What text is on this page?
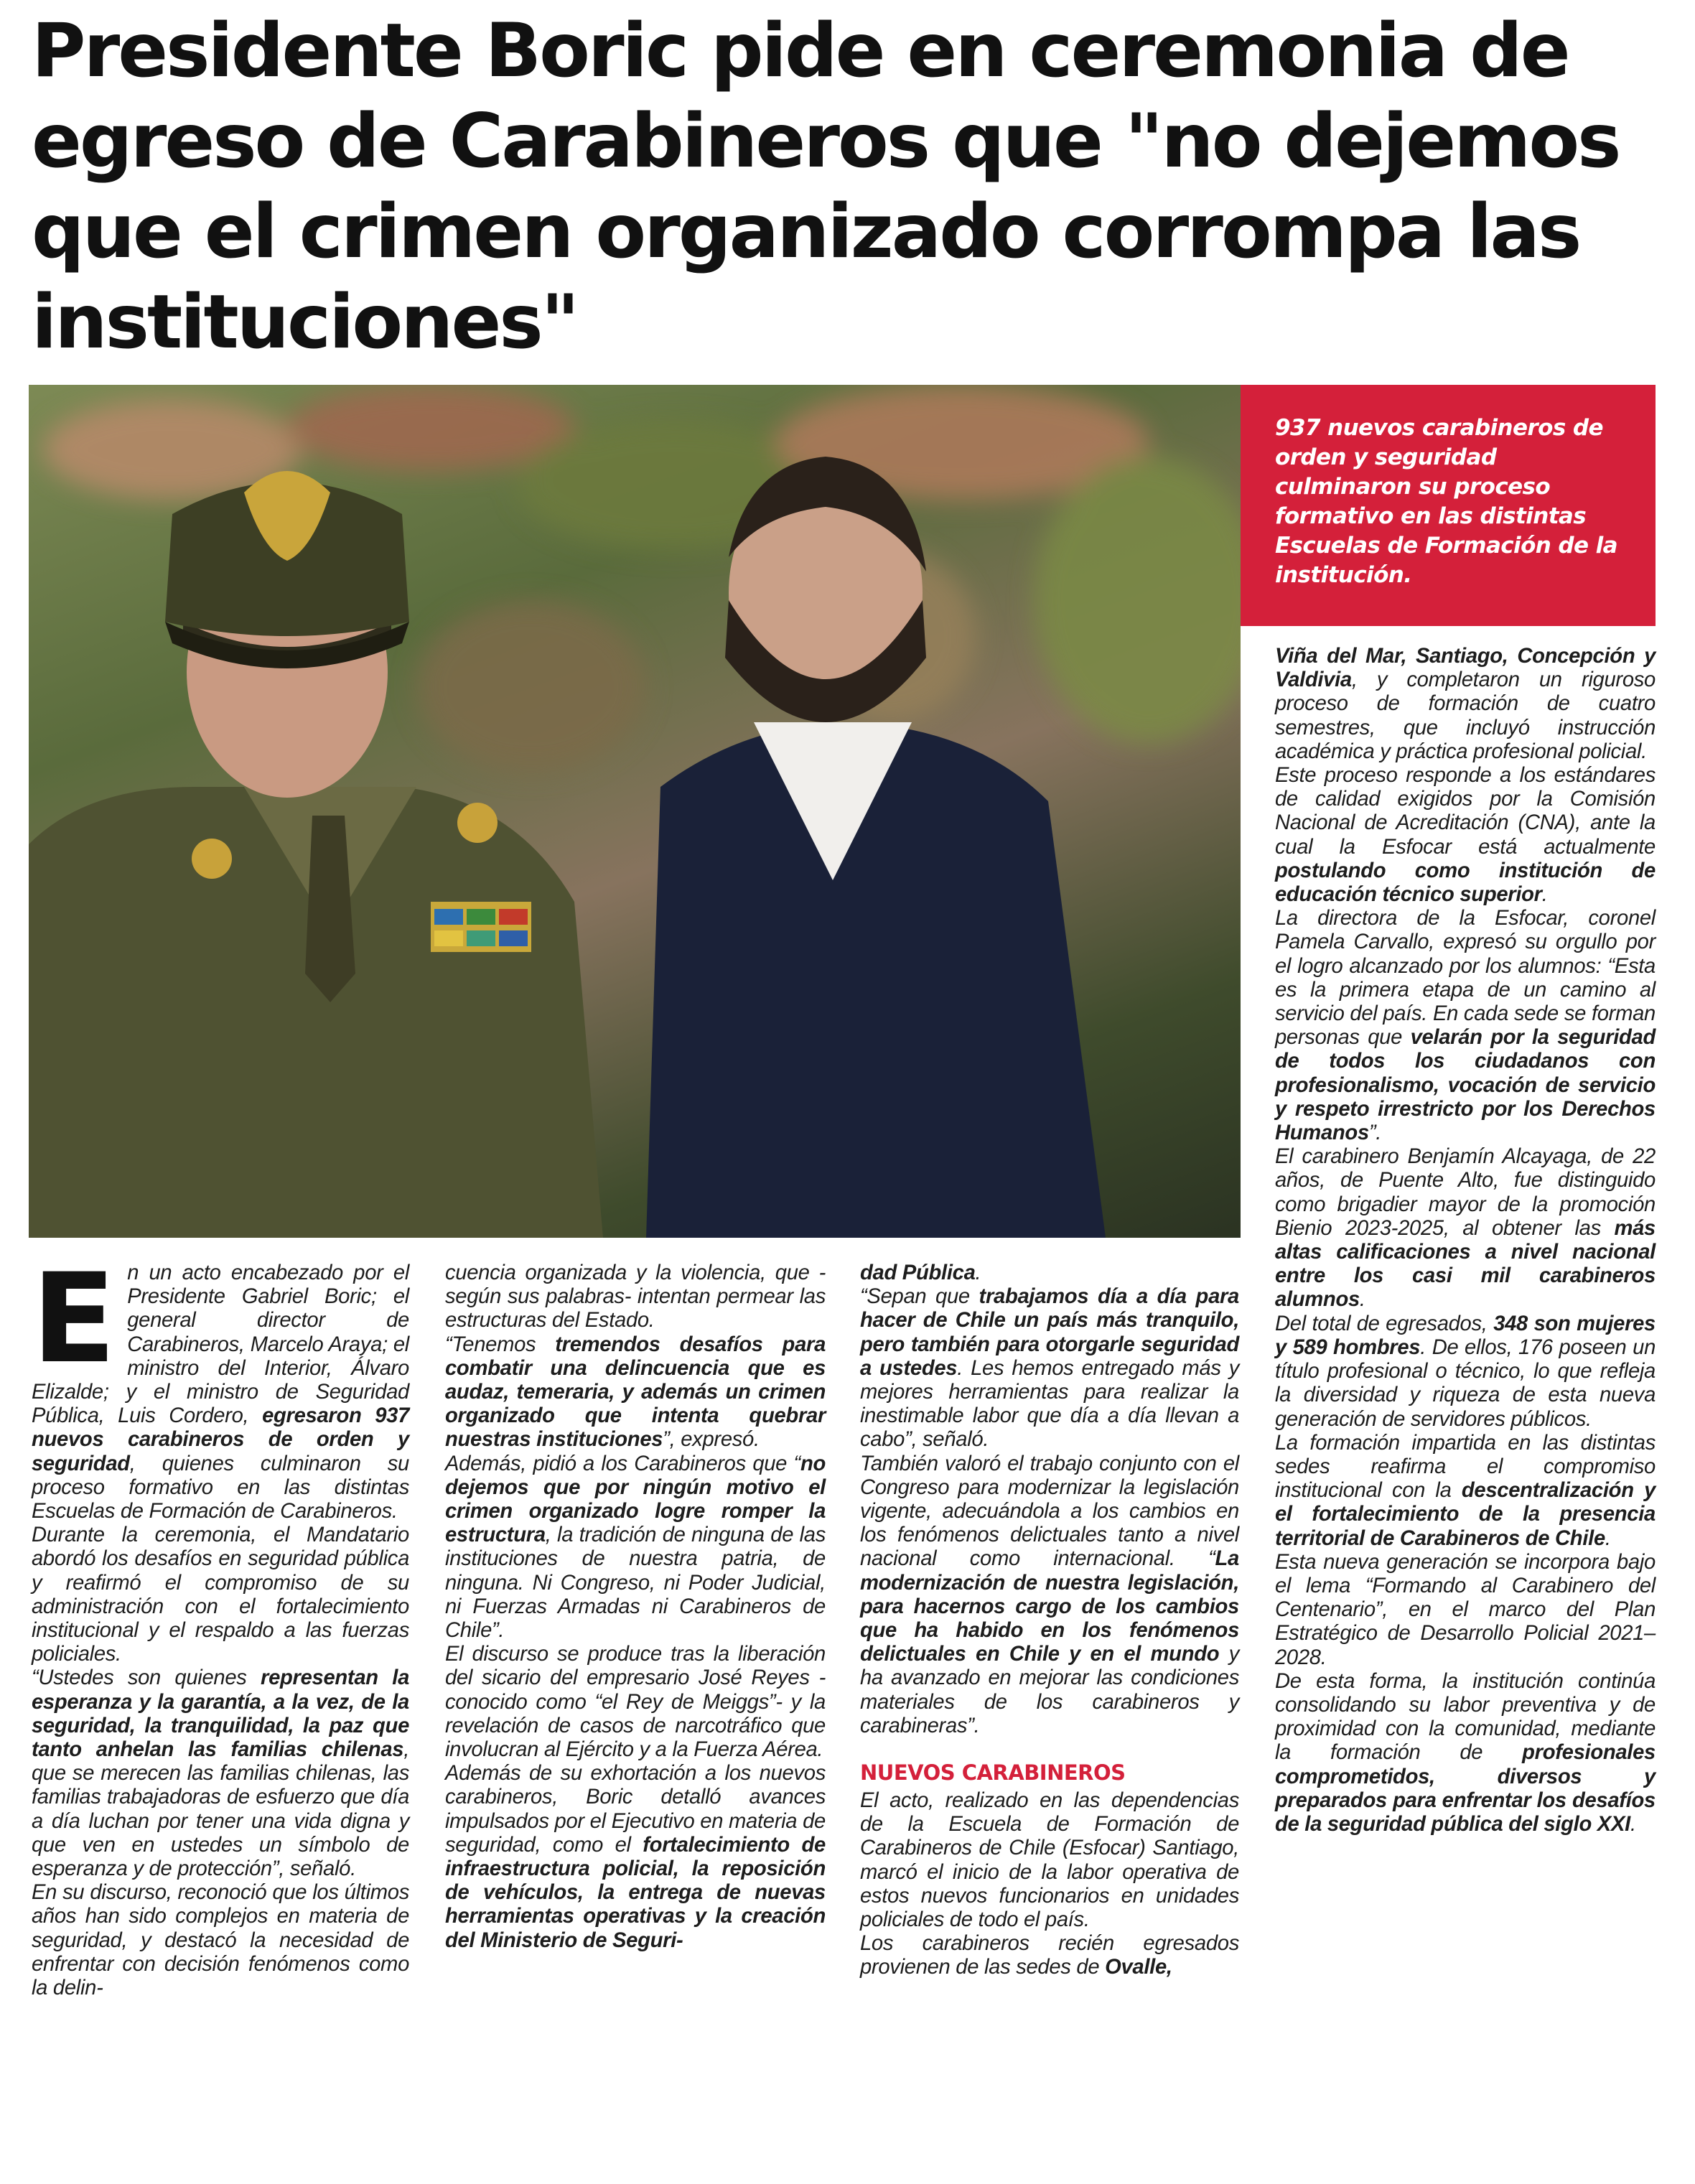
Presidente Boric pide en ceremonia de egreso de Carabineros que "no dejemos que el crimen organizado corrompa las instituciones"

937 nuevos carabineros de orden y seguridad culminaron su proceso formativo en las distintas Escuelas de Formación de la institución.

E n un acto encabezado por el Presidente Gabriel Boric; el general director de Carabineros, Marcelo Araya; el ministro del Interior, Álvaro Elizalde; y el ministro de Seguridad Pública, Luis Cordero, egresaron 937 nuevos carabineros de orden y seguridad, quienes culminaron su proceso formativo en las distintas Escuelas de Formación de Carabineros.

Durante la ceremonia, el Mandatario abordó los desafíos en seguridad pública y reafirmó el compromiso de su administración con el fortalecimiento institucional y el respaldo a las fuerzas policiales.

“Ustedes son quienes representan la esperanza y la garantía, a la vez, de la seguridad, la tranquilidad, la paz que tanto anhelan las familias chilenas, que se merecen las familias chilenas, las familias trabajadoras de esfuerzo que día a día luchan por tener una vida digna y que ven en ustedes un símbolo de esperanza y de protección”, señaló.

En su discurso, reconoció que los últimos años han sido complejos en materia de seguridad, y destacó la necesidad de enfrentar con decisión fenómenos como la delin-

cuencia organizada y la violencia, que -según sus palabras- intentan permear las estructuras del Estado.

“Tenemos tremendos desafíos para combatir una delincuencia que es audaz, temeraria, y además un crimen organizado que intenta quebrar nuestras instituciones”, expresó.

Además, pidió a los Carabineros que “no dejemos que por ningún motivo el crimen organizado logre romper la estructura, la tradición de ninguna de las instituciones de nuestra patria, de ninguna. Ni Congreso, ni Poder Judicial, ni Fuerzas Armadas ni Carabineros de Chile”.

El discurso se produce tras la liberación del sicario del empresario José Reyes -conocido como “el Rey de Meiggs”- y la revelación de casos de narcotráfico que involucran al Ejército y a la Fuerza Aérea.

Además de su exhortación a los nuevos carabineros, Boric detalló avances impulsados por el Ejecutivo en materia de seguridad, como el fortalecimiento de infraestructura policial, la reposición de vehículos, la entrega de nuevas herramientas operativas y la creación del Ministerio de Seguri-

dad Pública.

“Sepan que trabajamos día a día para hacer de Chile un país más tranquilo, pero también para otorgarle seguridad a ustedes. Les hemos entregado más y mejores herramientas para realizar la inestimable labor que día a día llevan a cabo”, señaló.

También valoró el trabajo conjunto con el Congreso para modernizar la legislación vigente, adecuándola a los cambios en los fenómenos delictuales tanto a nivel nacional como internacional. “La modernización de nuestra legislación, para hacernos cargo de los cambios que ha habido en los fenómenos delictuales en Chile y en el mundo y ha avanzado en mejorar las condiciones materiales de los carabineros y carabineras”.

NUEVOS CARABINEROS

El acto, realizado en las dependencias de la Escuela de Formación de Carabineros de Chile (Esfocar) Santiago, marcó el inicio de la labor operativa de estos nuevos funcionarios en unidades policiales de todo el país.

Los carabineros recién egresados provienen de las sedes de Ovalle,

Viña del Mar, Santiago, Concepción y Valdivia, y completaron un riguroso proceso de formación de cuatro semestres, que incluyó instrucción académica y práctica profesional policial.

Este proceso responde a los estándares de calidad exigidos por la Comisión Nacional de Acreditación (CNA), ante la cual la Esfocar está actualmente postulando como institución de educación técnico superior.

La directora de la Esfocar, coronel Pamela Carvallo, expresó su orgullo por el logro alcanzado por los alumnos: “Esta es la primera etapa de un camino al servicio del país. En cada sede se forman personas que velarán por la seguridad de todos los ciudadanos con profesionalismo, vocación de servicio y respeto irrestricto por los Derechos Humanos”.

El carabinero Benjamín Alcayaga, de 22 años, de Puente Alto, fue distinguido como brigadier mayor de la promoción Bienio 2023-2025, al obtener las más altas calificaciones a nivel nacional entre los casi mil carabineros alumnos.

Del total de egresados, 348 son mujeres y 589 hombres. De ellos, 176 poseen un título profesional o técnico, lo que refleja la diversidad y riqueza de esta nueva generación de servidores públicos.

La formación impartida en las distintas sedes reafirma el compromiso institucional con la descentralización y el fortalecimiento de la presencia territorial de Carabineros de Chile.

Esta nueva generación se incorpora bajo el lema “Formando al Carabinero del Centenario”, en el marco del Plan Estratégico de Desarrollo Policial 2021–2028.

De esta forma, la institución continúa consolidando su labor preventiva y de proximidad con la comunidad, mediante la formación de profesionales comprometidos, diversos y preparados para enfrentar los desafíos de la seguridad pública del siglo XXI.
